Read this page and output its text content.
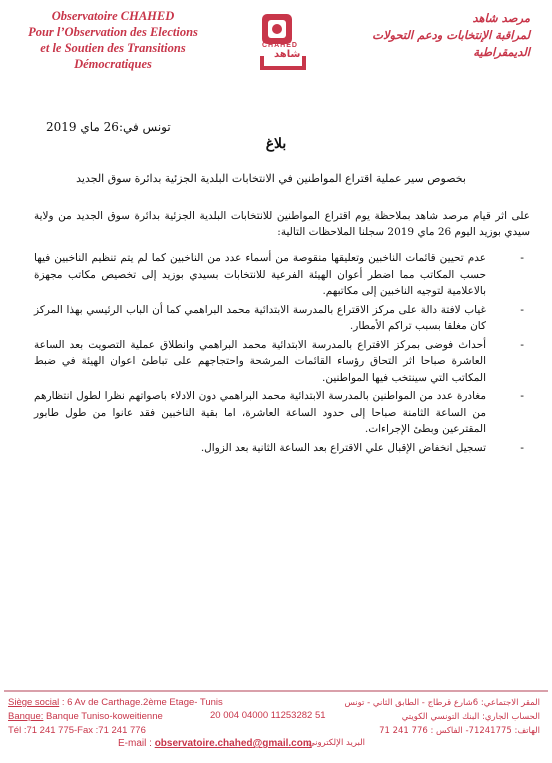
Observatoire CHAHED
Pour l’Observation des Elections
et le Soutien des Transitions
Démocratiques
CHAHED
شاهد
مرصد شاهد
لمراقبة الإنتخابات ودعم التحولات
الديمقراطية
تونس في:26 ماي 2019
بلاغ
بخصوص سير عملية اقتراع المواطنين في الانتخابات البلدية الجزئية بدائرة سوق الجديد
على اثر قيام مرصد شاهد بملاحظة يوم اقتراع المواطنين للانتخابات البلدية الجزئية بدائرة سوق الجديد من ولاية سيدي بوزيد اليوم 26 ماي 2019 سجلنا الملاحظات التالية:
-
عدم تحيين قائمات الناخبين وتعليقها منقوصة من أسماء عدد من الناخبين كما لم يتم تنظيم الناخبين فيها حسب المكاتب مما اضطر أعوان الهيئة الفرعية للانتخابات بسيدي بوزيد إلى تخصيص مكاتب مجهزة بالاعلامية لتوجيه الناخبين إلى مكاتبهم.
-
غياب لافتة دالة على مركز الاقتراع بالمدرسة الابتدائية محمد البراهمي كما أن الباب الرئيسي بهذا المركز كان مغلقا بسبب تراكم الأمطار.
-
أحداث فوضى بمركز الاقتراع بالمدرسة الابتدائية محمد البراهمي وانطلاق عملية التصويت بعد الساعة العاشرة صباحا اثر التحاق رؤساء القائمات المرشحة واحتجاجهم على تباطئ اعوان الهيئة في ضبط المكاتب التي سينتخب فيها المواطنين.
-
مغادرة عدد من المواطنين بالمدرسة الابتدائية محمد البراهمي دون الادلاء باصواتهم نظرا لطول انتظارهم من الساعة الثامنة صباحا إلى حدود الساعة العاشرة، اما بقية الناخبين فقد عانوا من طول طابور المقترعين وبطئ الإجراءات.
-
تسجيل انخفاض الإقبال علي الاقتراع بعد الساعة الثانية بعد الزوال.
Siège social : 6 Av de Carthage.2ème Etage- Tunis
Banque: Banque Tuniso-koweitienne
Tél :71 241 775-Fax :71 241 776
20 004 04000 11253282 51
المقر الاجتماعي: 6شارع قرطاج - الطابق الثاني - تونس
الحساب الجاري: البنك التونسي الكويتي
الهاتف: 71241775- الفاكس : 776 241 71
E-mail : observatoire.chahed@gmail.com
البريد الإلكتروني
